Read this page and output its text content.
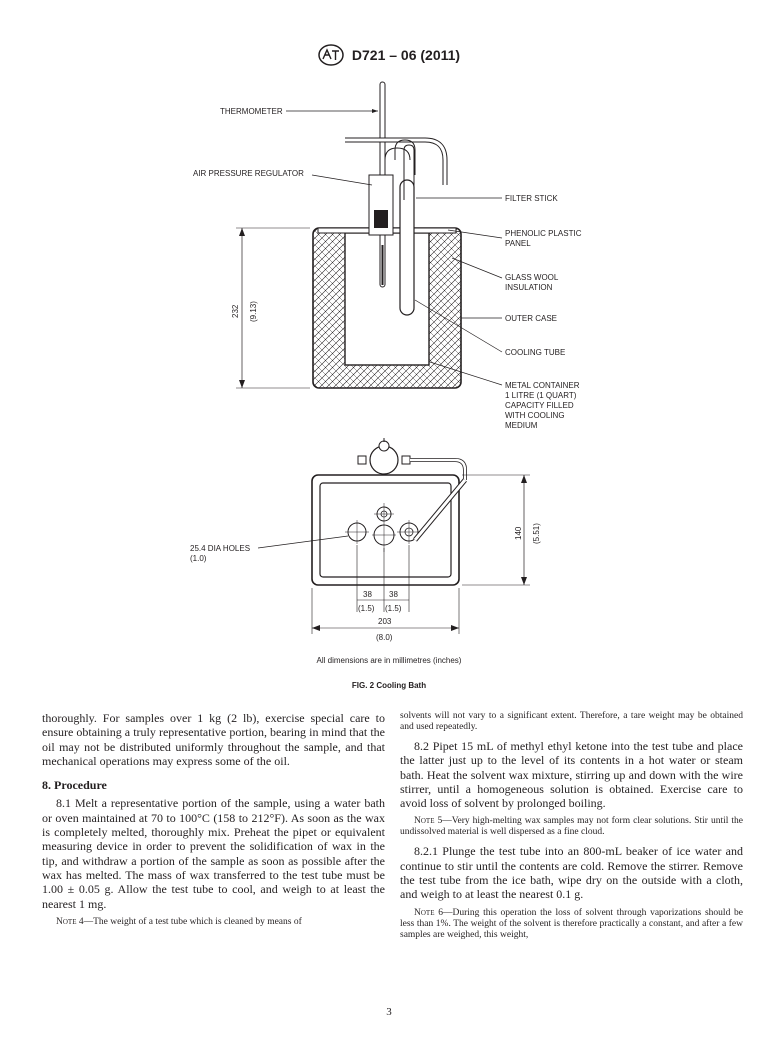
D721 – 06 (2011)
232 (9.13)
THERMOMETER
AIR PRESSURE REGULATOR
FILTER STICK
PHENOLIC PLASTIC
PANEL
GLASS WOOL
INSULATION
OUTER CASE
COOLING TUBE
METAL CONTAINER
1 LITRE (1 QUART)
CAPACITY FILLED
WITH COOLING
MEDIUM
25.4 DIA HOLES
(1.0)
140 (5.51)
38
(1.5)
38
(1.5)
203
(8.0)
All dimensions are in millimetres (inches)
FIG. 2 Cooling Bath

thoroughly. For samples over 1 kg (2 lb), exercise special care to ensure obtaining a truly representative portion, bearing in mind that the oil may not be distributed uniformly throughout the sample, and that mechanical operations may express some of the oil.

8. Procedure

8.1 Melt a representative portion of the sample, using a water bath or oven maintained at 70 to 100°C (158 to 212°F). As soon as the wax is completely melted, thoroughly mix. Preheat the pipet or equivalent measuring device in order to prevent the solidification of wax in the tip, and withdraw a portion of the sample as soon as possible after the wax has melted. The mass of wax transferred to the test tube must be 1.00 ± 0.05 g. Allow the test tube to cool, and weigh to at least the nearest 1 mg.

Note 4—The weight of a test tube which is cleaned by means of

solvents will not vary to a significant extent. Therefore, a tare weight may be obtained and used repeatedly.

8.2 Pipet 15 mL of methyl ethyl ketone into the test tube and place the latter just up to the level of its contents in a hot water or steam bath. Heat the solvent wax mixture, stirring up and down with the wire stirrer, until a homogeneous solution is obtained. Exercise care to avoid loss of solvent by prolonged boiling.

Note 5—Very high-melting wax samples may not form clear solutions. Stir until the undissolved material is well dispersed as a fine cloud.

8.2.1 Plunge the test tube into an 800-mL beaker of ice water and continue to stir until the contents are cold. Remove the stirrer. Remove the test tube from the ice bath, wipe dry on the outside with a cloth, and weigh to at least the nearest 0.1 g.

Note 6—During this operation the loss of solvent through vaporizations should be less than 1%. The weight of the solvent is therefore practically a constant, and after a few samples are weighed, this weight,

3
